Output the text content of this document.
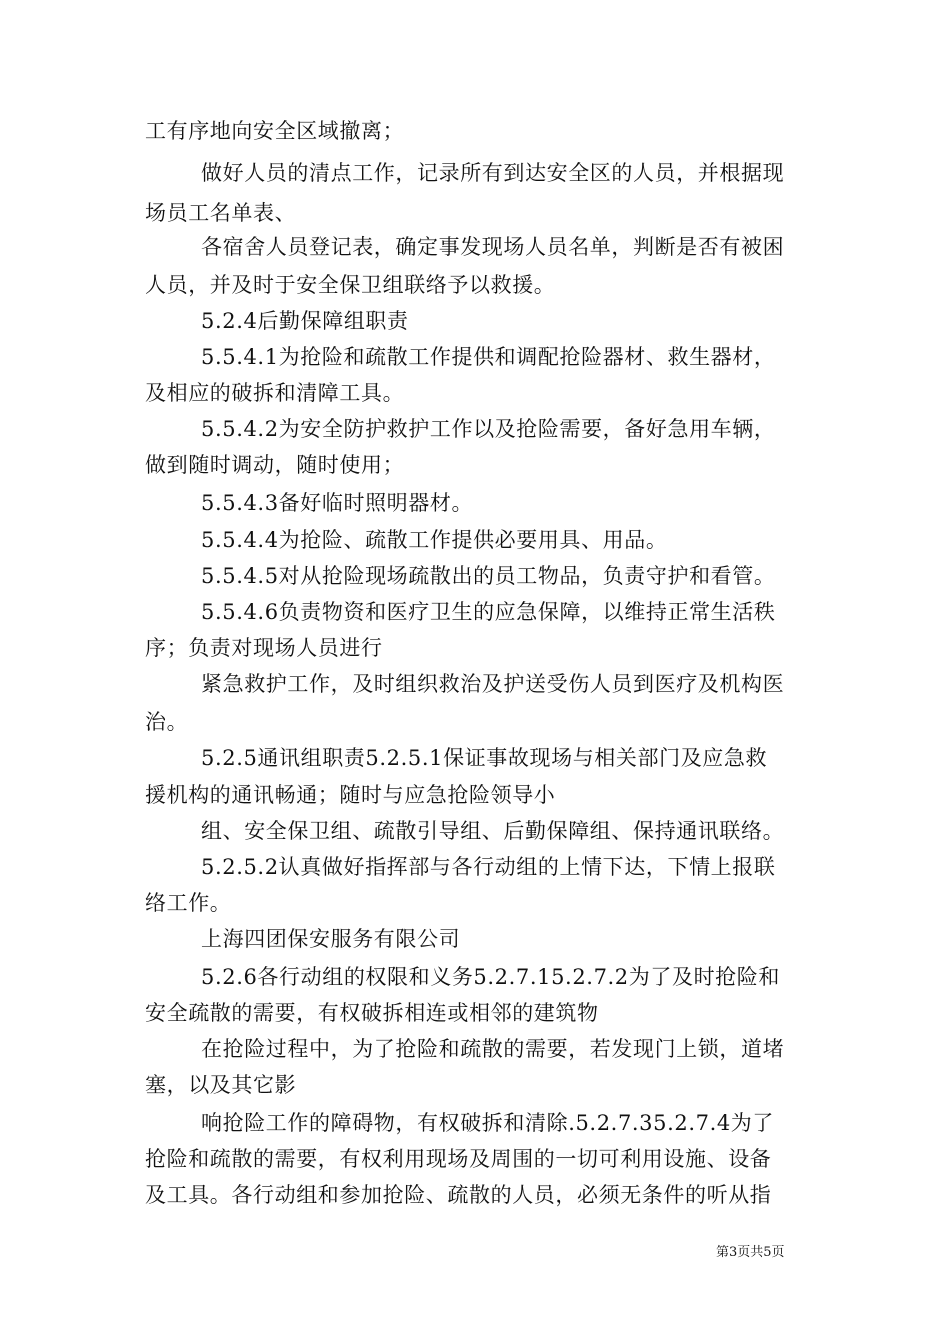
工有序地向安全区域撤离；
做好人员的清点工作，记录所有到达安全区的人员，并根据现
场员工名单表、
各宿舍人员登记表，确定事发现场人员名单，判断是否有被困
人员，并及时于安全保卫组联络予以救援。
5.2.4后勤保障组职责
5.5.4.1为抢险和疏散工作提供和调配抢险器材、救生器材，
及相应的破拆和清障工具。
5.5.4.2为安全防护救护工作以及抢险需要，备好急用车辆，
做到随时调动，随时使用；
5.5.4.3备好临时照明器材。
5.5.4.4为抢险、疏散工作提供必要用具、用品。
5.5.4.5对从抢险现场疏散出的员工物品，负责守护和看管。
5.5.4.6负责物资和医疗卫生的应急保障，以维持正常生活秩
序；负责对现场人员进行
紧急救护工作，及时组织救治及护送受伤人员到医疗及机构医
治。
5.2.5通讯组职责5.2.5.1保证事故现场与相关部门及应急救
援机构的通讯畅通；随时与应急抢险领导小
组、安全保卫组、疏散引导组、后勤保障组、保持通讯联络。
5.2.5.2认真做好指挥部与各行动组的上情下达，下情上报联
络工作。
上海四团保安服务有限公司
5.2.6各行动组的权限和义务5.2.7.15.2.7.2为了及时抢险和
安全疏散的需要，有权破拆相连或相邻的建筑物
在抢险过程中，为了抢险和疏散的需要，若发现门上锁，道堵
塞，以及其它影
响抢险工作的障碍物，有权破拆和清除.5.2.7.35.2.7.4为了
抢险和疏散的需要，有权利用现场及周围的一切可利用设施、设备
及工具。各行动组和参加抢险、疏散的人员，必须无条件的听从指
第3页共5页
